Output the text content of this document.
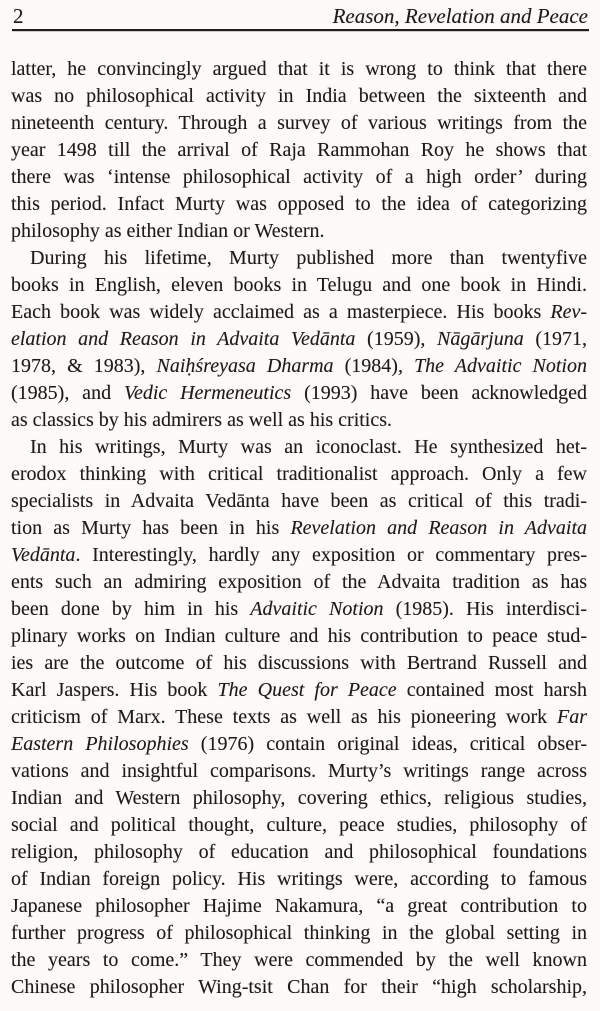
2	Reason, Revelation and Peace
latter, he convincingly argued that it is wrong to think that there
was no philosophical activity in India between the sixteenth and
nineteenth century. Through a survey of various writings from the
year 1498 till the arrival of Raja Rammohan Roy he shows that
there was ‘intense philosophical activity of a high order’ during
this period. Infact Murty was opposed to the idea of categorizing
philosophy as either Indian or Western.
During his lifetime, Murty published more than twentyfive
books in English, eleven books in Telugu and one book in Hindi.
Each book was widely acclaimed as a masterpiece. His books Rev-
elation and Reason in Advaita Vedānta (1959), Nāgārjuna (1971,
1978, & 1983), Naiḥśreyasa Dharma (1984), The Advaitic Notion
(1985), and Vedic Hermeneutics (1993) have been acknowledged
as classics by his admirers as well as his critics.
In his writings, Murty was an iconoclast. He synthesized het-
erodox thinking with critical traditionalist approach. Only a few
specialists in Advaita Vedānta have been as critical of this tradi-
tion as Murty has been in his Revelation and Reason in Advaita
Vedānta. Interestingly, hardly any exposition or commentary pres-
ents such an admiring exposition of the Advaita tradition as has
been done by him in his Advaitic Notion (1985). His interdisci-
plinary works on Indian culture and his contribution to peace stud-
ies are the outcome of his discussions with Bertrand Russell and
Karl Jaspers. His book The Quest for Peace contained most harsh
criticism of Marx. These texts as well as his pioneering work Far
Eastern Philosophies (1976) contain original ideas, critical obser-
vations and insightful comparisons. Murty’s writings range across
Indian and Western philosophy, covering ethics, religious studies,
social and political thought, culture, peace studies, philosophy of
religion, philosophy of education and philosophical foundations
of Indian foreign policy. His writings were, according to famous
Japanese philosopher Hajime Nakamura, “a great contribution to
further progress of philosophical thinking in the global setting in
the years to come.” They were commended by the well known
Chinese philosopher Wing-tsit Chan for their “high scholarship,
